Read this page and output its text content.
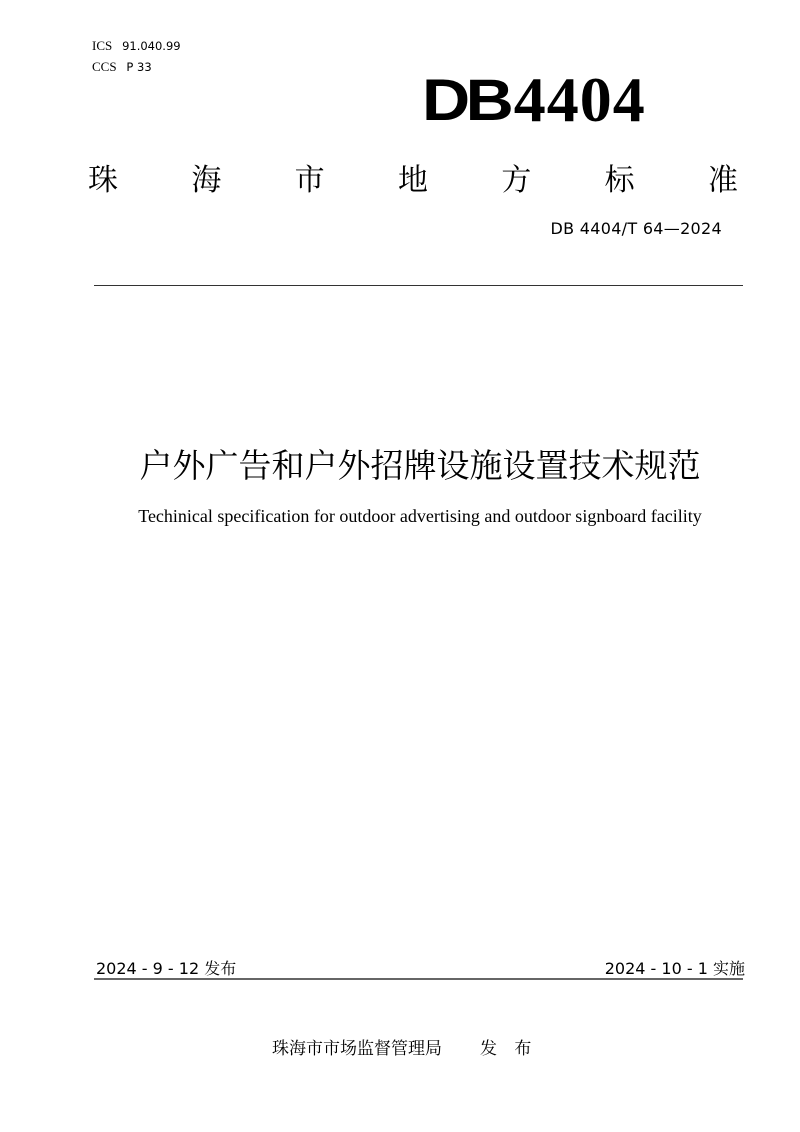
ICS 91.040.99
CCS P 33
DB 4404
珠 海 市 地 方 标 准
DB 4404/T 64—2024
户外广告和户外招牌设施设置技术规范
Techinical specification for outdoor advertising and outdoor signboard facility
2024 - 9 - 12 发布	2024 - 10 - 1 实施
珠海市市场监督管理局 发 布
